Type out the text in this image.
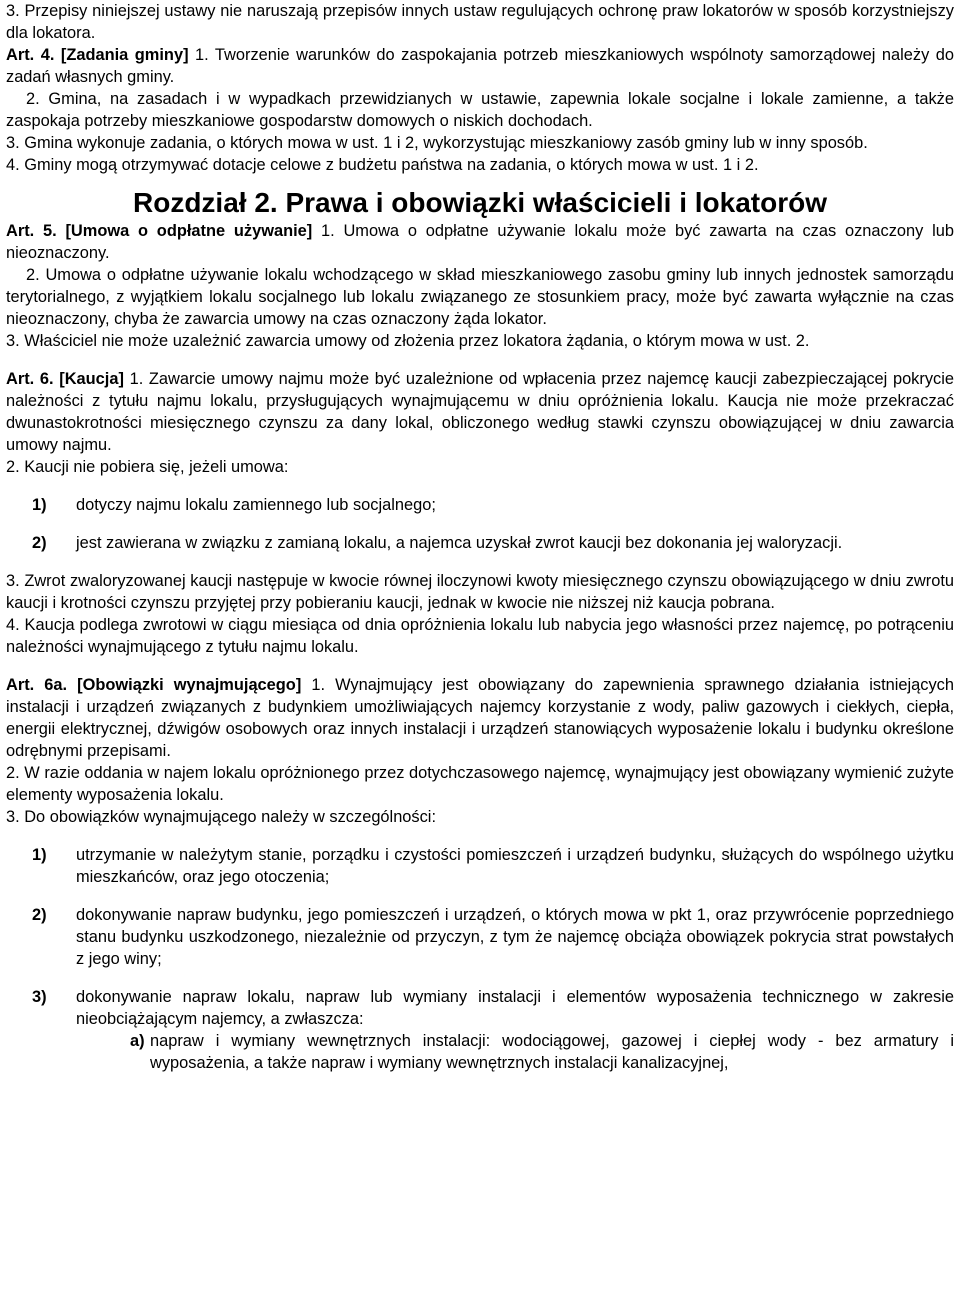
3. Przepisy niniejszej ustawy nie naruszają przepisów innych ustaw regulujących ochronę praw lokatorów w sposób korzystniejszy dla lokatora.

Art. 4. [Zadania gminy] 1. Tworzenie warunków do zaspokajania potrzeb mieszkaniowych wspólnoty samorządowej należy do zadań własnych gminy.

2. Gmina, na zasadach i w wypadkach przewidzianych w ustawie, zapewnia lokale socjalne i lokale zamienne, a także zaspokaja potrzeby mieszkaniowe gospodarstw domowych o niskich dochodach.

3. Gmina wykonuje zadania, o których mowa w ust. 1 i 2, wykorzystując mieszkaniowy zasób gminy lub w inny sposób.

4. Gminy mogą otrzymywać dotacje celowe z budżetu państwa na zadania, o których mowa w ust. 1 i 2.

Rozdział 2. Prawa i obowiązki właścicieli i lokatorów

Art. 5. [Umowa o odpłatne używanie] 1. Umowa o odpłatne używanie lokalu może być zawarta na czas oznaczony lub nieoznaczony.

2. Umowa o odpłatne używanie lokalu wchodzącego w skład mieszkaniowego zasobu gminy lub innych jednostek samorządu terytorialnego, z wyjątkiem lokalu socjalnego lub lokalu związanego ze stosunkiem pracy, może być zawarta wyłącznie na czas nieoznaczony, chyba że zawarcia umowy na czas oznaczony żąda lokator.

3. Właściciel nie może uzależnić zawarcia umowy od złożenia przez lokatora żądania, o którym mowa w ust. 2.

Art. 6. [Kaucja] 1. Zawarcie umowy najmu może być uzależnione od wpłacenia przez najemcę kaucji zabezpieczającej pokrycie należności z tytułu najmu lokalu, przysługujących wynajmującemu w dniu opróżnienia lokalu. Kaucja nie może przekraczać dwunastokrotności miesięcznego czynszu za dany lokal, obliczonego według stawki czynszu obowiązującej w dniu zawarcia umowy najmu.

2. Kaucji nie pobiera się, jeżeli umowa:

1) dotyczy najmu lokalu zamiennego lub socjalnego;

2) jest zawierana w związku z zamianą lokalu, a najemca uzyskał zwrot kaucji bez dokonania jej waloryzacji.

3. Zwrot zwaloryzowanej kaucji następuje w kwocie równej iloczynowi kwoty miesięcznego czynszu obowiązującego w dniu zwrotu kaucji i krotności czynszu przyjętej przy pobieraniu kaucji, jednak w kwocie nie niższej niż kaucja pobrana.

4. Kaucja podlega zwrotowi w ciągu miesiąca od dnia opróżnienia lokalu lub nabycia jego własności przez najemcę, po potrąceniu należności wynajmującego z tytułu najmu lokalu.

Art. 6a. [Obowiązki wynajmującego] 1. Wynajmujący jest obowiązany do zapewnienia sprawnego działania istniejących instalacji i urządzeń związanych z budynkiem umożliwiających najemcy korzystanie z wody, paliw gazowych i ciekłych, ciepła, energii elektrycznej, dźwigów osobowych oraz innych instalacji i urządzeń stanowiących wyposażenie lokalu i budynku określone odrębnymi przepisami.

2. W razie oddania w najem lokalu opróżnionego przez dotychczasowego najemcę, wynajmujący jest obowiązany wymienić zużyte elementy wyposażenia lokalu.

3. Do obowiązków wynajmującego należy w szczególności:

1) utrzymanie w należytym stanie, porządku i czystości pomieszczeń i urządzeń budynku, służących do wspólnego użytku mieszkańców, oraz jego otoczenia;

2) dokonywanie napraw budynku, jego pomieszczeń i urządzeń, o których mowa w pkt 1, oraz przywrócenie poprzedniego stanu budynku uszkodzonego, niezależnie od przyczyn, z tym że najemcę obciąża obowiązek pokrycia strat powstałych z jego winy;

3) dokonywanie napraw lokalu, napraw lub wymiany instalacji i elementów wyposażenia technicznego w zakresie nieobciążającym najemcy, a zwłaszcza:

a) napraw i wymiany wewnętrznych instalacji: wodociągowej, gazowej i ciepłej wody - bez armatury i wyposażenia, a także napraw i wymiany wewnętrznych instalacji kanalizacyjnej,
